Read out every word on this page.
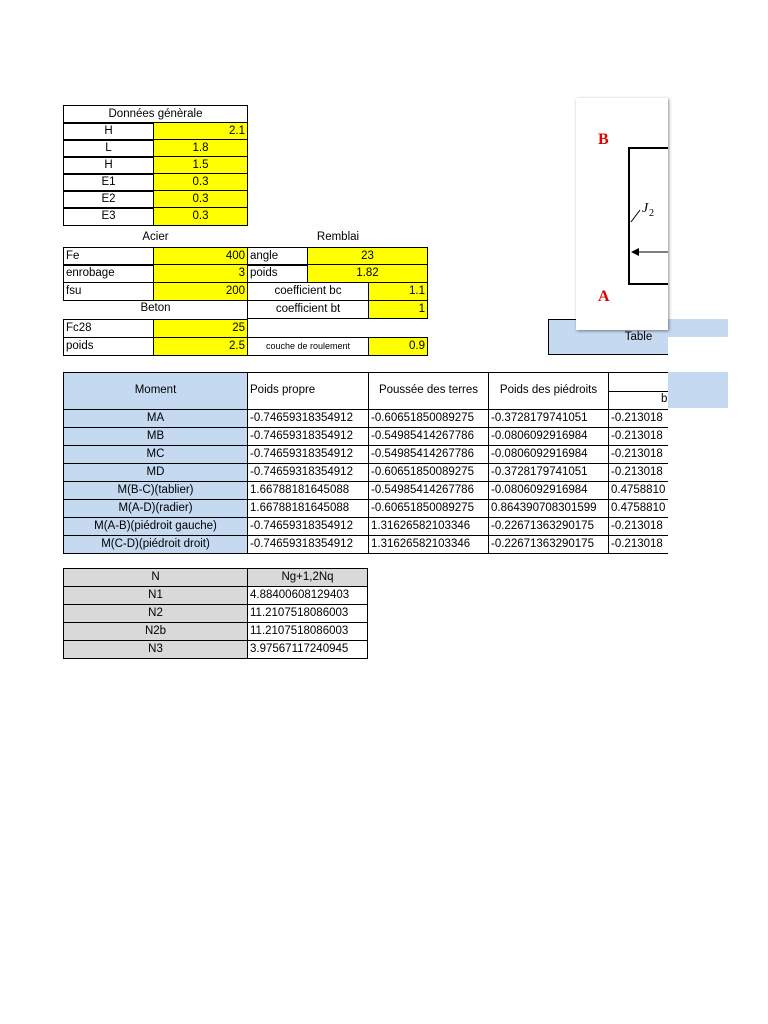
Données génèrale
H	2.1
L	1.8
H	1.5
E1	0.3
E2	0.3
E3	0.3
Acier	Remblai
Fe	400
enrobage	3
fsu	200
angle	23
poids	1.82
coefficient bc	1.1
coefficient bt	1
couche de roulement	0.9
Beton
Fc28	25
poids	2.5
Table
B
A
J 2
Moment	Poids propre	Poussée des terres	Poids des piédroits
b
MA	-0.74659318354912	-0.60651850089275	-0.3728179741051	-0.213018
MB	-0.74659318354912	-0.54985414267786	-0.0806092916984	-0.213018
MC	-0.74659318354912	-0.54985414267786	-0.0806092916984	-0.213018
MD	-0.74659318354912	-0.60651850089275	-0.3728179741051	-0.213018
M(B-C)(tablier)	1.66788181645088	-0.54985414267786	-0.0806092916984	0.4758810
M(A-D)(radier)	1.66788181645088	-0.60651850089275	0.864390708301599	0.4758810
M(A-B)(piédroit gauche)	-0.74659318354912	1.31626582103346	-0.22671363290175	-0.213018
M(C-D)(piédroit droit)	-0.74659318354912	1.31626582103346	-0.22671363290175	-0.213018
N	Ng+1,2Nq
N1	4.88400608129403
N2	11.2107518086003
N2b	11.2107518086003
N3	3.97567117240945
